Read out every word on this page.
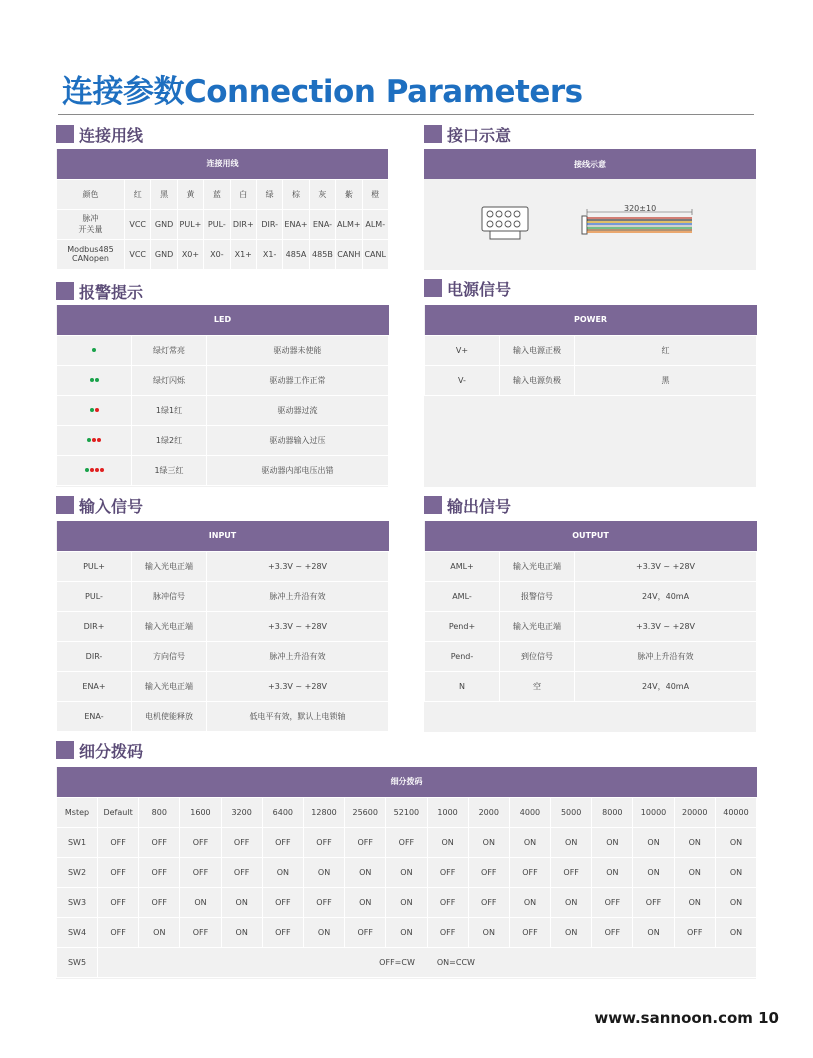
连接参数Connection Parameters
连接用线	接口示意
报警提示	电源信号
输入信号	输出信号
细分拨码
连接用线										
颜色	红	黑	黄	蓝	白	绿	棕	灰	紫	橙
脉冲
开关量	VCC	GND	PUL+	PUL-	DIR+	DIR-	ENA+	ENA-	ALM+	ALM-
Modbus485
CANopen	VCC	GND	X0+	X0-	X1+	X1-	485A	485B	CANH	CANL
接线示意
320±10
LED		
	绿灯常亮	驱动器未使能
	绿灯闪烁	驱动器工作正常
	1绿1红	驱动器过流
	1绿2红	驱动器输入过压
	1绿三红	驱动器内部电压出错
POWER		
V+	输入电源正极	红
V-	输入电源负极	黑
INPUT		
PUL+	输入光电正端	+3.3V ~ +28V
PUL-	脉冲信号	脉冲上升沿有效
DIR+	输入光电正端	+3.3V ~ +28V
DIR-	方向信号	脉冲上升沿有效
ENA+	输入光电正端	+3.3V ~ +28V
ENA-	电机使能释放	低电平有效，默认上电锁轴
OUTPUT		
AML+	输入光电正端	+3.3V ~ +28V
AML-	报警信号	24V，40mA
Pend+	输入光电正端	+3.3V ~ +28V
Pend-	到位信号	脉冲上升沿有效
N	空	24V，40mA
细分拨码																
Mstep	Default	800	1600	3200	6400	12800	25600	52100	1000	2000	4000	5000	8000	10000	20000	40000
SW1	OFF	OFF	OFF	OFF	OFF	OFF	OFF	OFF	ON	ON	ON	ON	ON	ON	ON	ON
SW2	OFF	OFF	OFF	OFF	ON	ON	ON	ON	OFF	OFF	OFF	OFF	ON	ON	ON	ON
SW3	OFF	OFF	ON	ON	OFF	OFF	ON	ON	OFF	OFF	ON	ON	OFF	OFF	ON	ON
SW4	OFF	ON	OFF	ON	OFF	ON	OFF	ON	OFF	ON	OFF	ON	OFF	ON	OFF	ON
SW5	OFF=CW ON=CCW															
www.sannoon.com 10
